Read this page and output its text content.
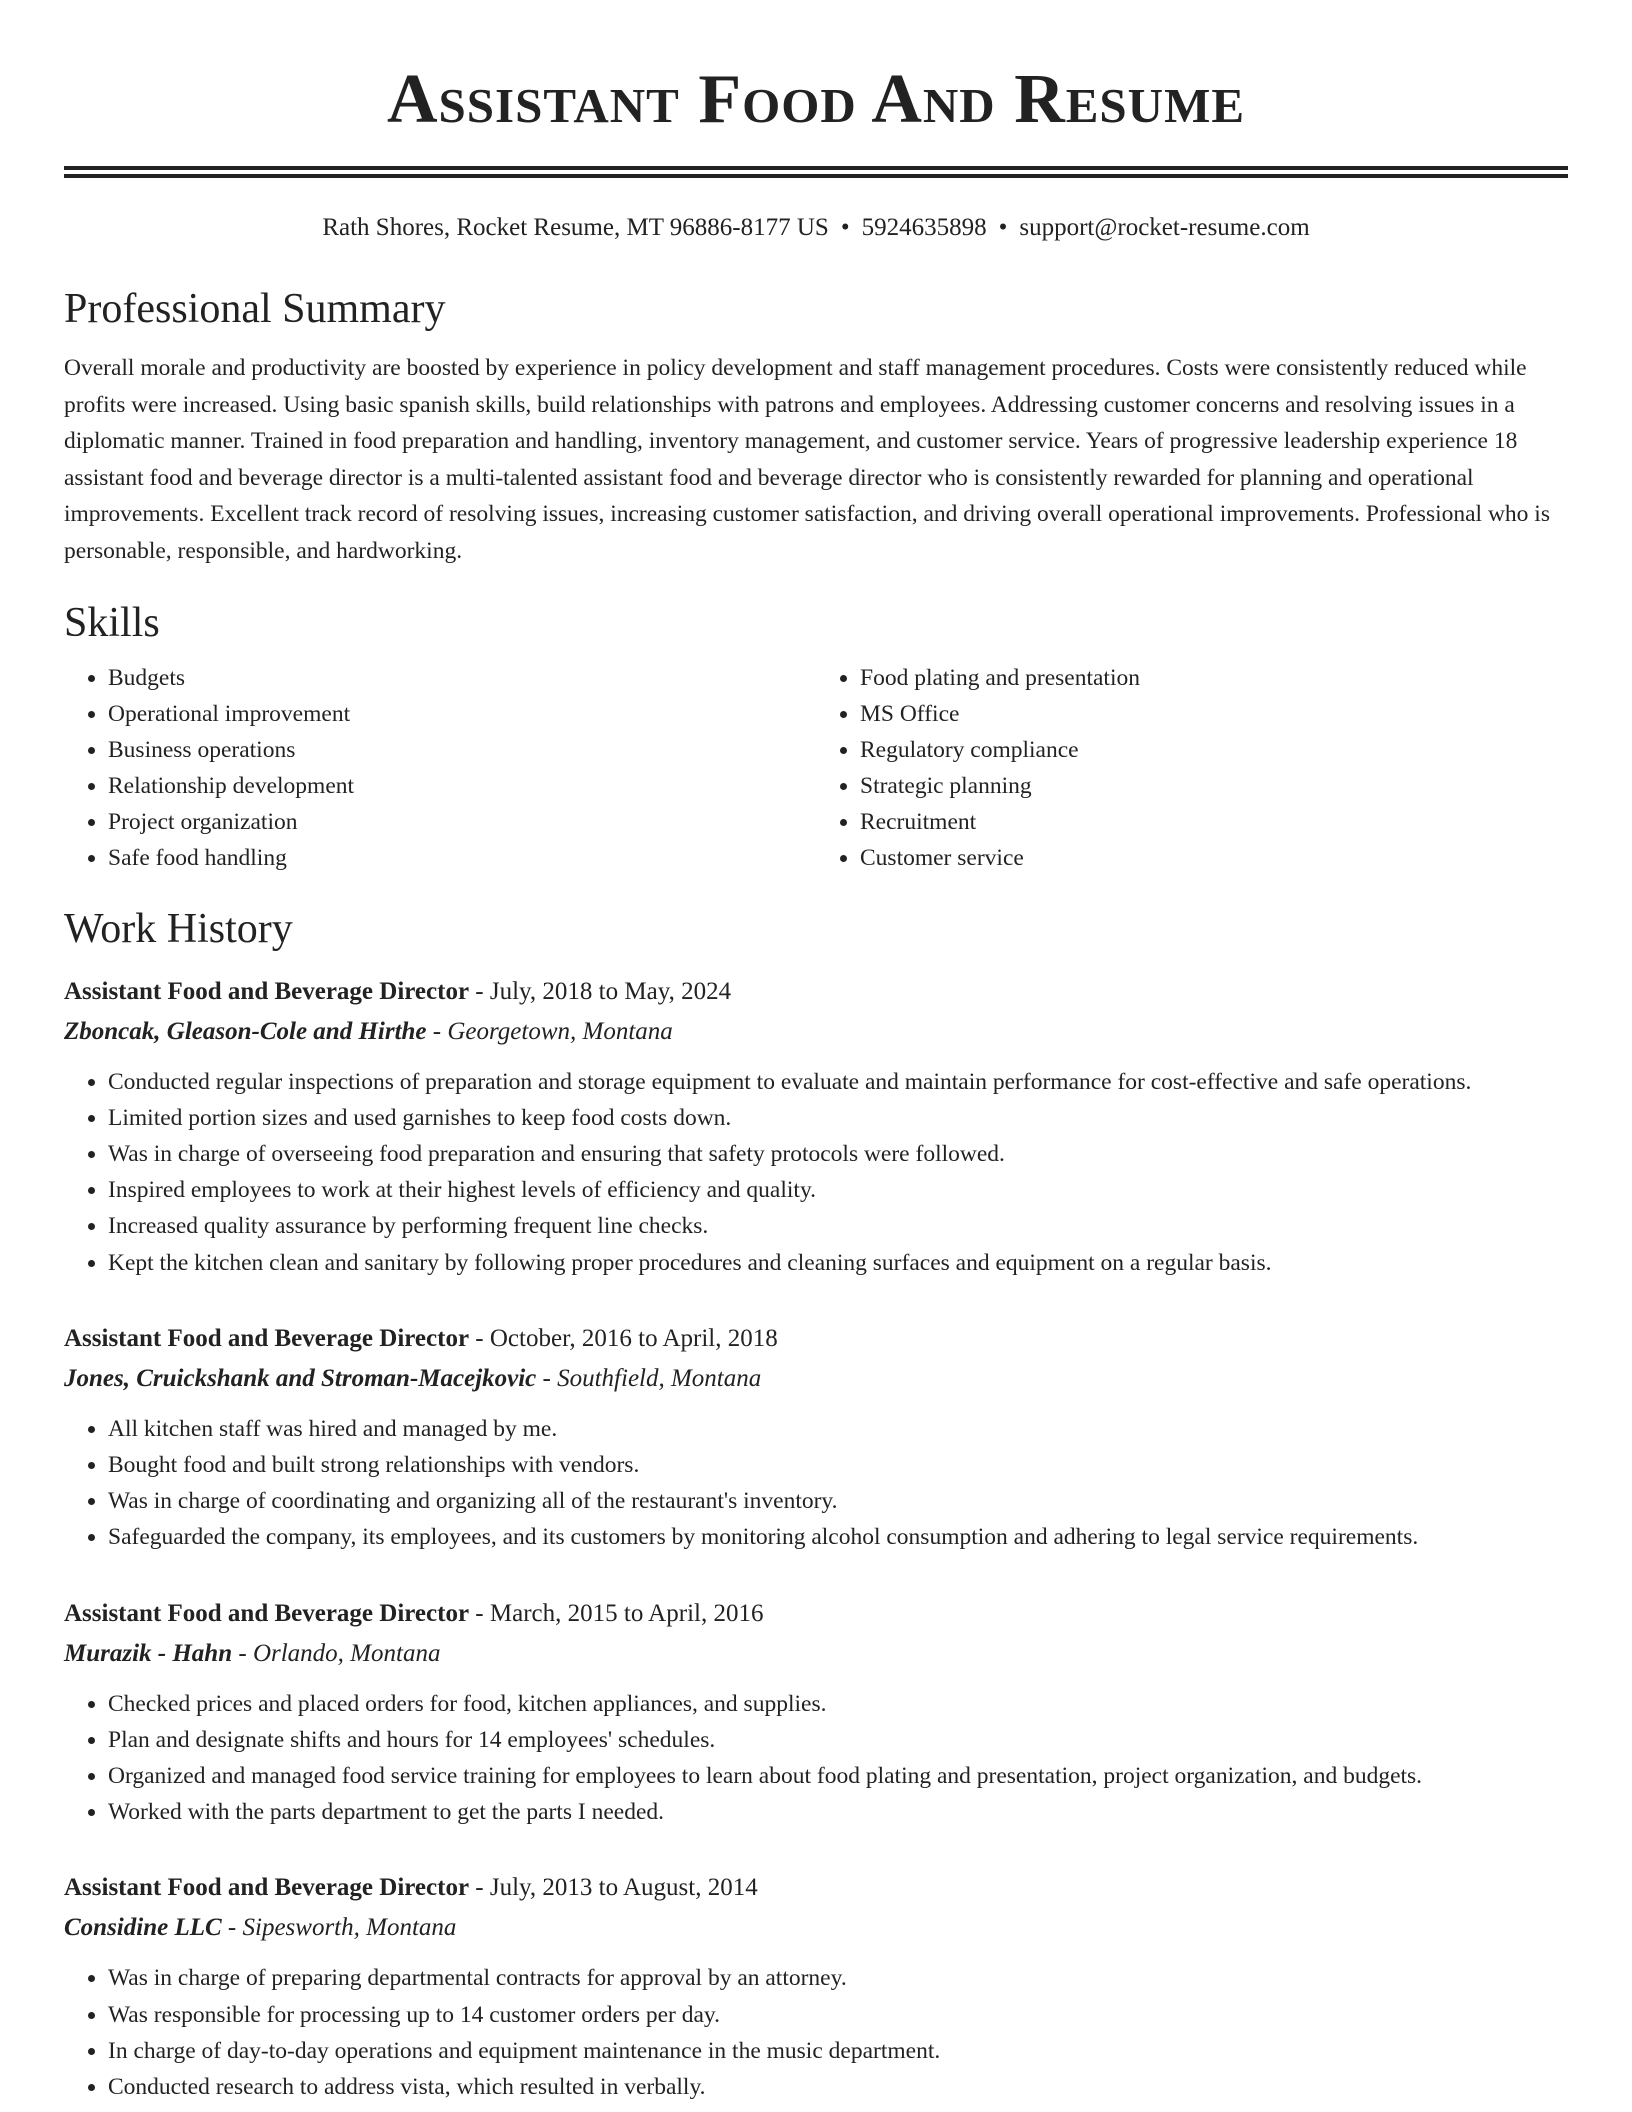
Assistant Food And Resume
Rath Shores, Rocket Resume, MT 96886-8177 US • 5924635898 • support@rocket-resume.com
Professional Summary
Overall morale and productivity are boosted by experience in policy development and staff management procedures. Costs were consistently reduced while profits were increased. Using basic spanish skills, build relationships with patrons and employees. Addressing customer concerns and resolving issues in a diplomatic manner. Trained in food preparation and handling, inventory management, and customer service. Years of progressive leadership experience 18 assistant food and beverage director is a multi-talented assistant food and beverage director who is consistently rewarded for planning and operational improvements. Excellent track record of resolving issues, increasing customer satisfaction, and driving overall operational improvements. Professional who is personable, responsible, and hardworking.
Skills
• Budgets
• Operational improvement
• Business operations
• Relationship development
• Project organization
• Safe food handling
• Food plating and presentation
• MS Office
• Regulatory compliance
• Strategic planning
• Recruitment
• Customer service
Work History
Assistant Food and Beverage Director - July, 2018 to May, 2024
Zboncak, Gleason-Cole and Hirthe - Georgetown, Montana
• Conducted regular inspections of preparation and storage equipment to evaluate and maintain performance for cost-effective and safe operations.
• Limited portion sizes and used garnishes to keep food costs down.
• Was in charge of overseeing food preparation and ensuring that safety protocols were followed.
• Inspired employees to work at their highest levels of efficiency and quality.
• Increased quality assurance by performing frequent line checks.
• Kept the kitchen clean and sanitary by following proper procedures and cleaning surfaces and equipment on a regular basis.
Assistant Food and Beverage Director - October, 2016 to April, 2018
Jones, Cruickshank and Stroman-Macejkovic - Southfield, Montana
• All kitchen staff was hired and managed by me.
• Bought food and built strong relationships with vendors.
• Was in charge of coordinating and organizing all of the restaurant's inventory.
• Safeguarded the company, its employees, and its customers by monitoring alcohol consumption and adhering to legal service requirements.
Assistant Food and Beverage Director - March, 2015 to April, 2016
Murazik - Hahn - Orlando, Montana
• Checked prices and placed orders for food, kitchen appliances, and supplies.
• Plan and designate shifts and hours for 14 employees' schedules.
• Organized and managed food service training for employees to learn about food plating and presentation, project organization, and budgets.
• Worked with the parts department to get the parts I needed.
Assistant Food and Beverage Director - July, 2013 to August, 2014
Considine LLC - Sipesworth, Montana
• Was in charge of preparing departmental contracts for approval by an attorney.
• Was responsible for processing up to 14 customer orders per day.
• In charge of day-to-day operations and equipment maintenance in the music department.
• Conducted research to address vista, which resulted in verbally.
